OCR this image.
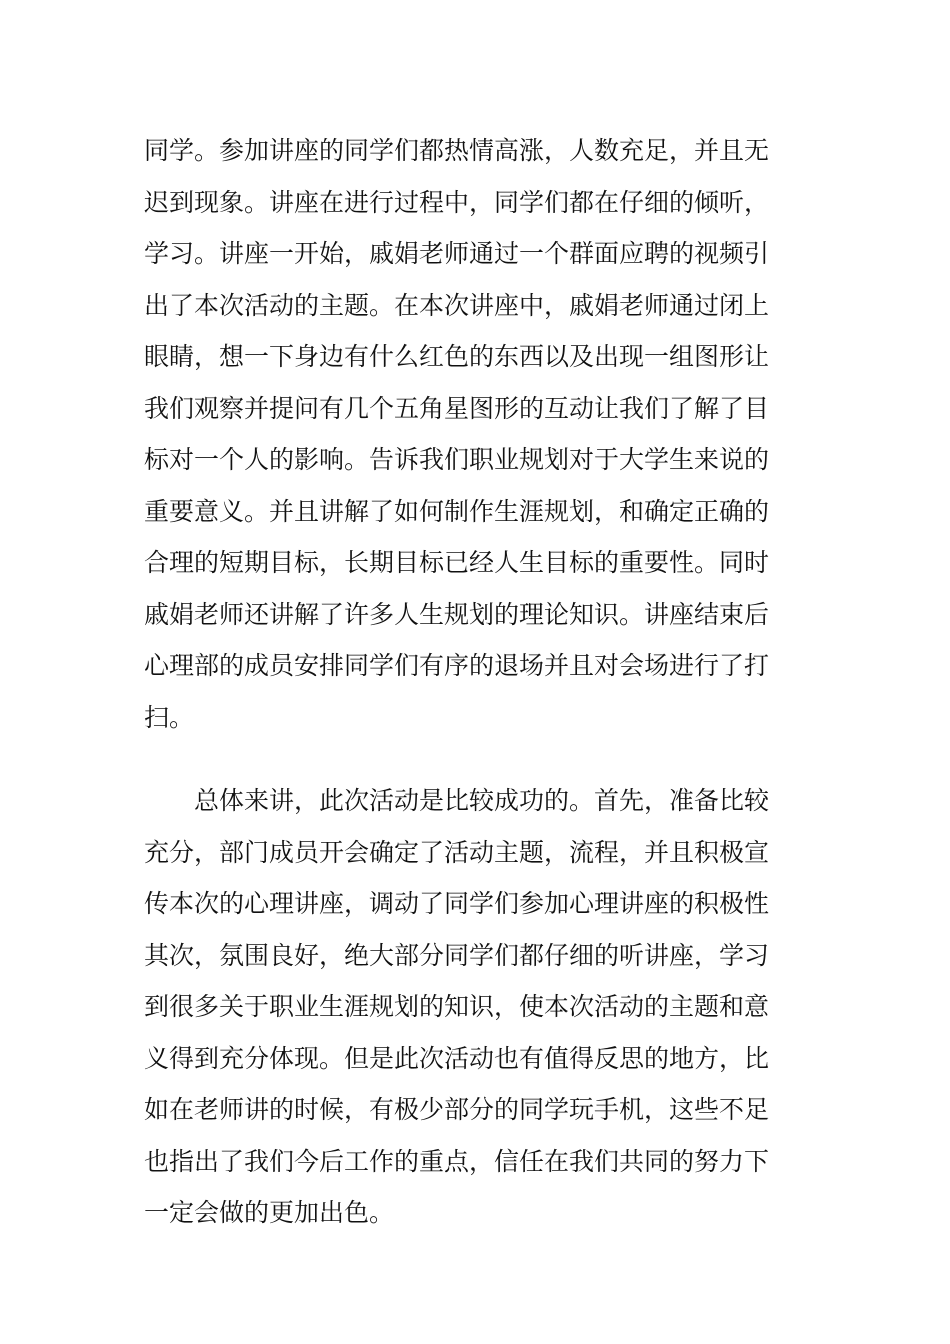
同学。参加讲座的同学们都热情高涨，人数充足，并且无
迟到现象。讲座在进行过程中，同学们都在仔细的倾听，
学习。讲座一开始，戚娟老师通过一个群面应聘的视频引
出了本次活动的主题。在本次讲座中，戚娟老师通过闭上
眼睛，想一下身边有什么红色的东西以及出现一组图形让
我们观察并提问有几个五角星图形的互动让我们了解了目
标对一个人的影响。告诉我们职业规划对于大学生来说的
重要意义。并且讲解了如何制作生涯规划，和确定正确的
合理的短期目标，长期目标已经人生目标的重要性。同时
戚娟老师还讲解了许多人生规划的理论知识。讲座结束后
心理部的成员安排同学们有序的退场并且对会场进行了打
扫。
　　总体来讲，此次活动是比较成功的。首先，准备比较
充分，部门成员开会确定了活动主题，流程，并且积极宣
传本次的心理讲座，调动了同学们参加心理讲座的积极性
其次，氛围良好，绝大部分同学们都仔细的听讲座，学习
到很多关于职业生涯规划的知识，使本次活动的主题和意
义得到充分体现。但是此次活动也有值得反思的地方，比
如在老师讲的时候，有极少部分的同学玩手机，这些不足
也指出了我们今后工作的重点，信任在我们共同的努力下
一定会做的更加出色。
